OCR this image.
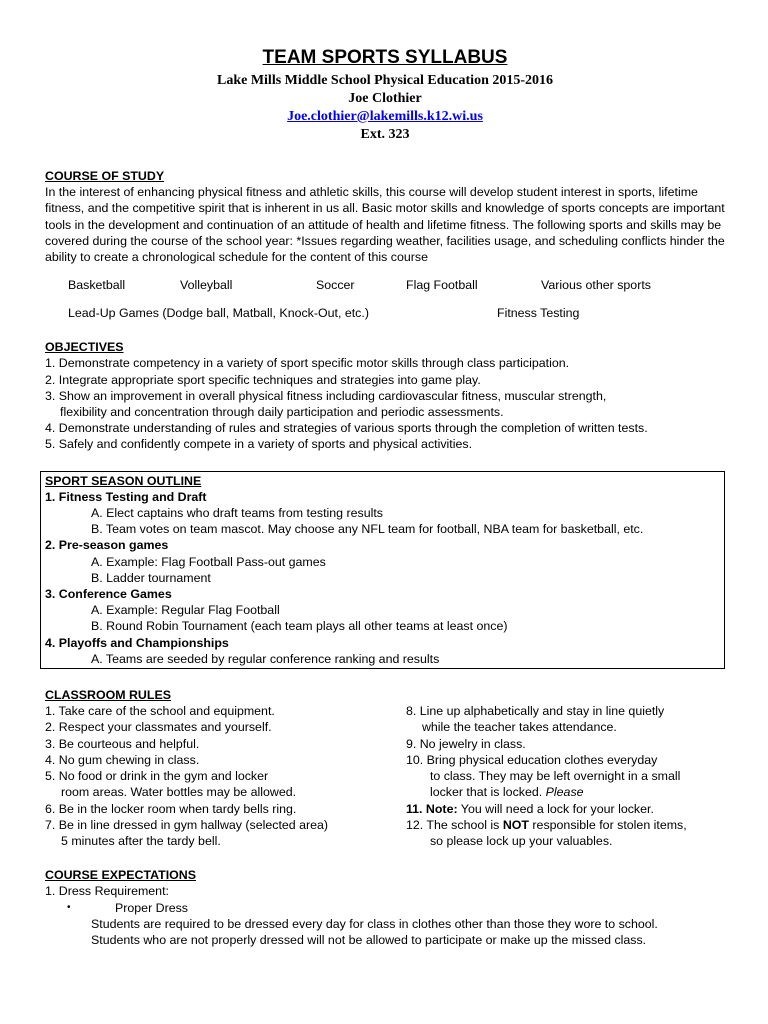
TEAM SPORTS SYLLABUS
Lake Mills Middle School Physical Education 2015-2016
Joe Clothier
Joe.clothier@lakemills.k12.wi.us
Ext. 323
COURSE OF STUDY

In the interest of enhancing physical fitness and athletic skills, this course will develop student interest in sports, lifetime fitness, and the competitive spirit that is inherent in us all. Basic motor skills and knowledge of sports concepts are important tools in the development and continuation of an attitude of health and lifetime fitness. The following sports and skills may be covered during the course of the school year: *Issues regarding weather, facilities usage, and scheduling conflicts hinder the ability to create a chronological schedule for the content of this course

Basketball	Volleyball	Soccer	Flag Football	Various other sports
Lead-Up Games (Dodge ball, Matball, Knock-Out, etc.)	Fitness Testing
OBJECTIVES
1. Demonstrate competency in a variety of sport specific motor skills through class participation.
2. Integrate appropriate sport specific techniques and strategies into game play.
3. Show an improvement in overall physical fitness including cardiovascular fitness, muscular strength,
flexibility and concentration through daily participation and periodic assessments.
4. Demonstrate understanding of rules and strategies of various sports through the completion of written tests.
5. Safely and confidently compete in a variety of sports and physical activities.
SPORT SEASON OUTLINE
1. Fitness Testing and Draft
A. Elect captains who draft teams from testing results
B. Team votes on team mascot. May choose any NFL team for football, NBA team for basketball, etc.
2. Pre-season games
A. Example: Flag Football Pass-out games
B. Ladder tournament
3. Conference Games
A. Example: Regular Flag Football
B. Round Robin Tournament (each team plays all other teams at least once)
4. Playoffs and Championships
A. Teams are seeded by regular conference ranking and results
CLASSROOM RULES
1. Take care of the school and equipment.
2. Respect your classmates and yourself.
3. Be courteous and helpful.
4. No gum chewing in class.
5. No food or drink in the gym and locker
room areas. Water bottles may be allowed.
6. Be in the locker room when tardy bells ring.
7. Be in line dressed in gym hallway (selected area)
5 minutes after the tardy bell.
8. Line up alphabetically and stay in line quietly
while the teacher takes attendance.
9. No jewelry in class.
10. Bring physical education clothes everyday
to class. They may be left overnight in a small
locker that is locked. Please
11. Note: You will need a lock for your locker.
12. The school is NOT responsible for stolen items,
so please lock up your valuables.
COURSE EXPECTATIONS
1. Dress Requirement:
•	Proper Dress
Students are required to be dressed every day for class in clothes other than those they wore to school.
Students who are not properly dressed will not be allowed to participate or make up the missed class.
